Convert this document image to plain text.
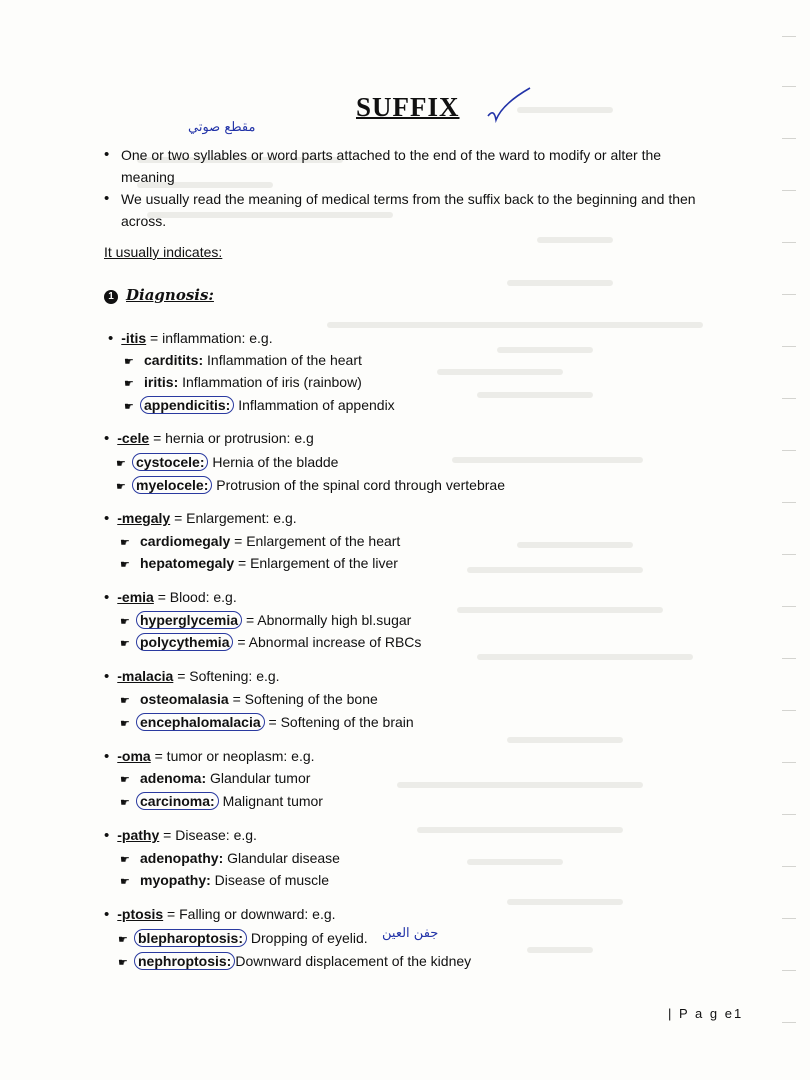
SUFFIX
مقطع صوتي
• One or two syllables or word parts attached to the end of the ward to modify or alter the
meaning
• We usually read the meaning of medical terms from the suffix back to the beginning and then
across.
It usually indicates:
1 Diagnosis:
• -itis = inflammation: e.g.
☛ carditits: Inflammation of the heart
☛ iritis: Inflammation of iris (rainbow)
☛ appendicitis: Inflammation of appendix
• -cele = hernia or protrusion: e.g
☛ cystocele: Hernia of the bladde
☛ myelocele: Protrusion of the spinal cord through vertebrae
• -megaly = Enlargement: e.g.
☛ cardiomegaly = Enlargement of the heart
☛ hepatomegaly = Enlargement of the liver
• -emia = Blood: e.g.
☛ hyperglycemia = Abnormally high bl.sugar
☛ polycythemia = Abnormal increase of RBCs
• -malacia = Softening: e.g.
☛ osteomalasia = Softening of the bone
☛ encephalomalacia = Softening of the brain
• -oma = tumor or neoplasm: e.g.
☛ adenoma: Glandular tumor
☛ carcinoma: Malignant tumor
• -pathy = Disease: e.g.
☛ adenopathy: Glandular disease
☛ myopathy: Disease of muscle
• -ptosis = Falling or downward: e.g.
☛ blepharoptosis: Dropping of eyelid. جفن العين
☛ nephroptosis: Downward displacement of the kidney
| P a g e1
